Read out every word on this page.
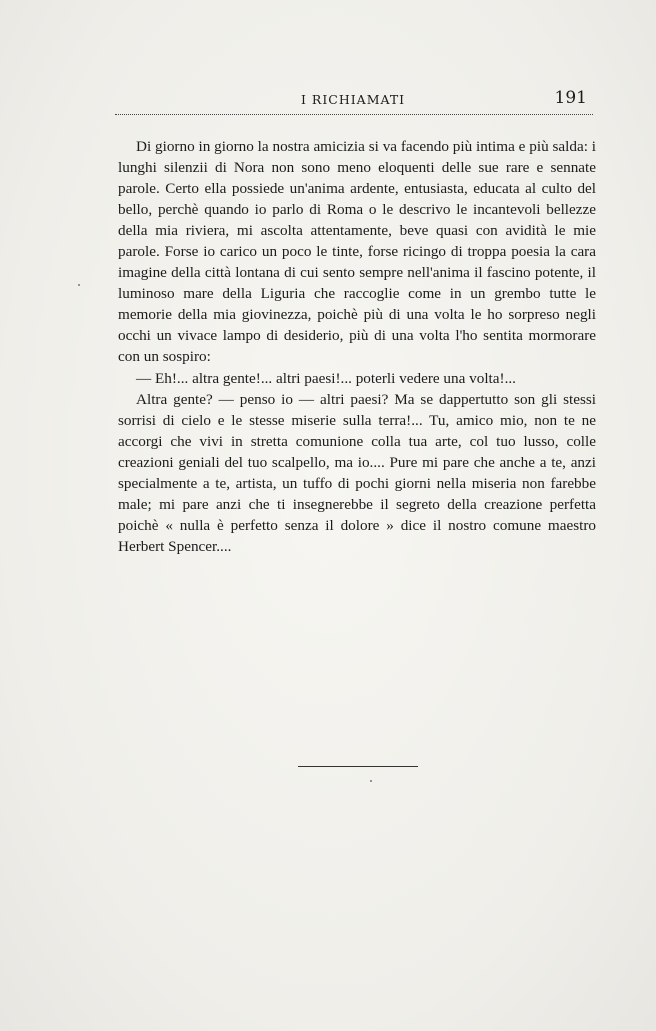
I RICHIAMATI	191

Di giorno in giorno la nostra amicizia si va facendo più intima e più salda: i lunghi silenzii di Nora non sono meno eloquenti delle sue rare e sennate parole. Certo ella possiede un'anima ardente, entusiasta, educata al culto del bello, perchè quando io parlo di Roma o le descrivo le incantevoli bellezze della mia riviera, mi ascolta attentamente, beve quasi con avidità le mie parole. Forse io carico un poco le tinte, forse ricingo di troppa poesia la cara imagine della città lontana di cui sento sempre nell'anima il fascino potente, il luminoso mare della Liguria che raccoglie come in un grembo tutte le memorie della mia giovinezza, poichè più di una volta le ho sorpreso negli occhi un vivace lampo di desiderio, più di una volta l'ho sentita mormorare con un sospiro:

— Eh!... altra gente!... altri paesi!... poterli vedere una volta!...

Altra gente? — penso io — altri paesi? Ma se dappertutto son gli stessi sorrisi di cielo e le stesse miserie sulla terra!... Tu, amico mio, non te ne accorgi che vivi in stretta comunione colla tua arte, col tuo lusso, colle creazioni geniali del tuo scalpello, ma io.... Pure mi pare che anche a te, anzi specialmente a te, artista, un tuffo di pochi giorni nella miseria non farebbe male; mi pare anzi che ti insegnerebbe il segreto della creazione perfetta poichè « nulla è perfetto senza il dolore » dice il nostro comune maestro Herbert Spencer....
